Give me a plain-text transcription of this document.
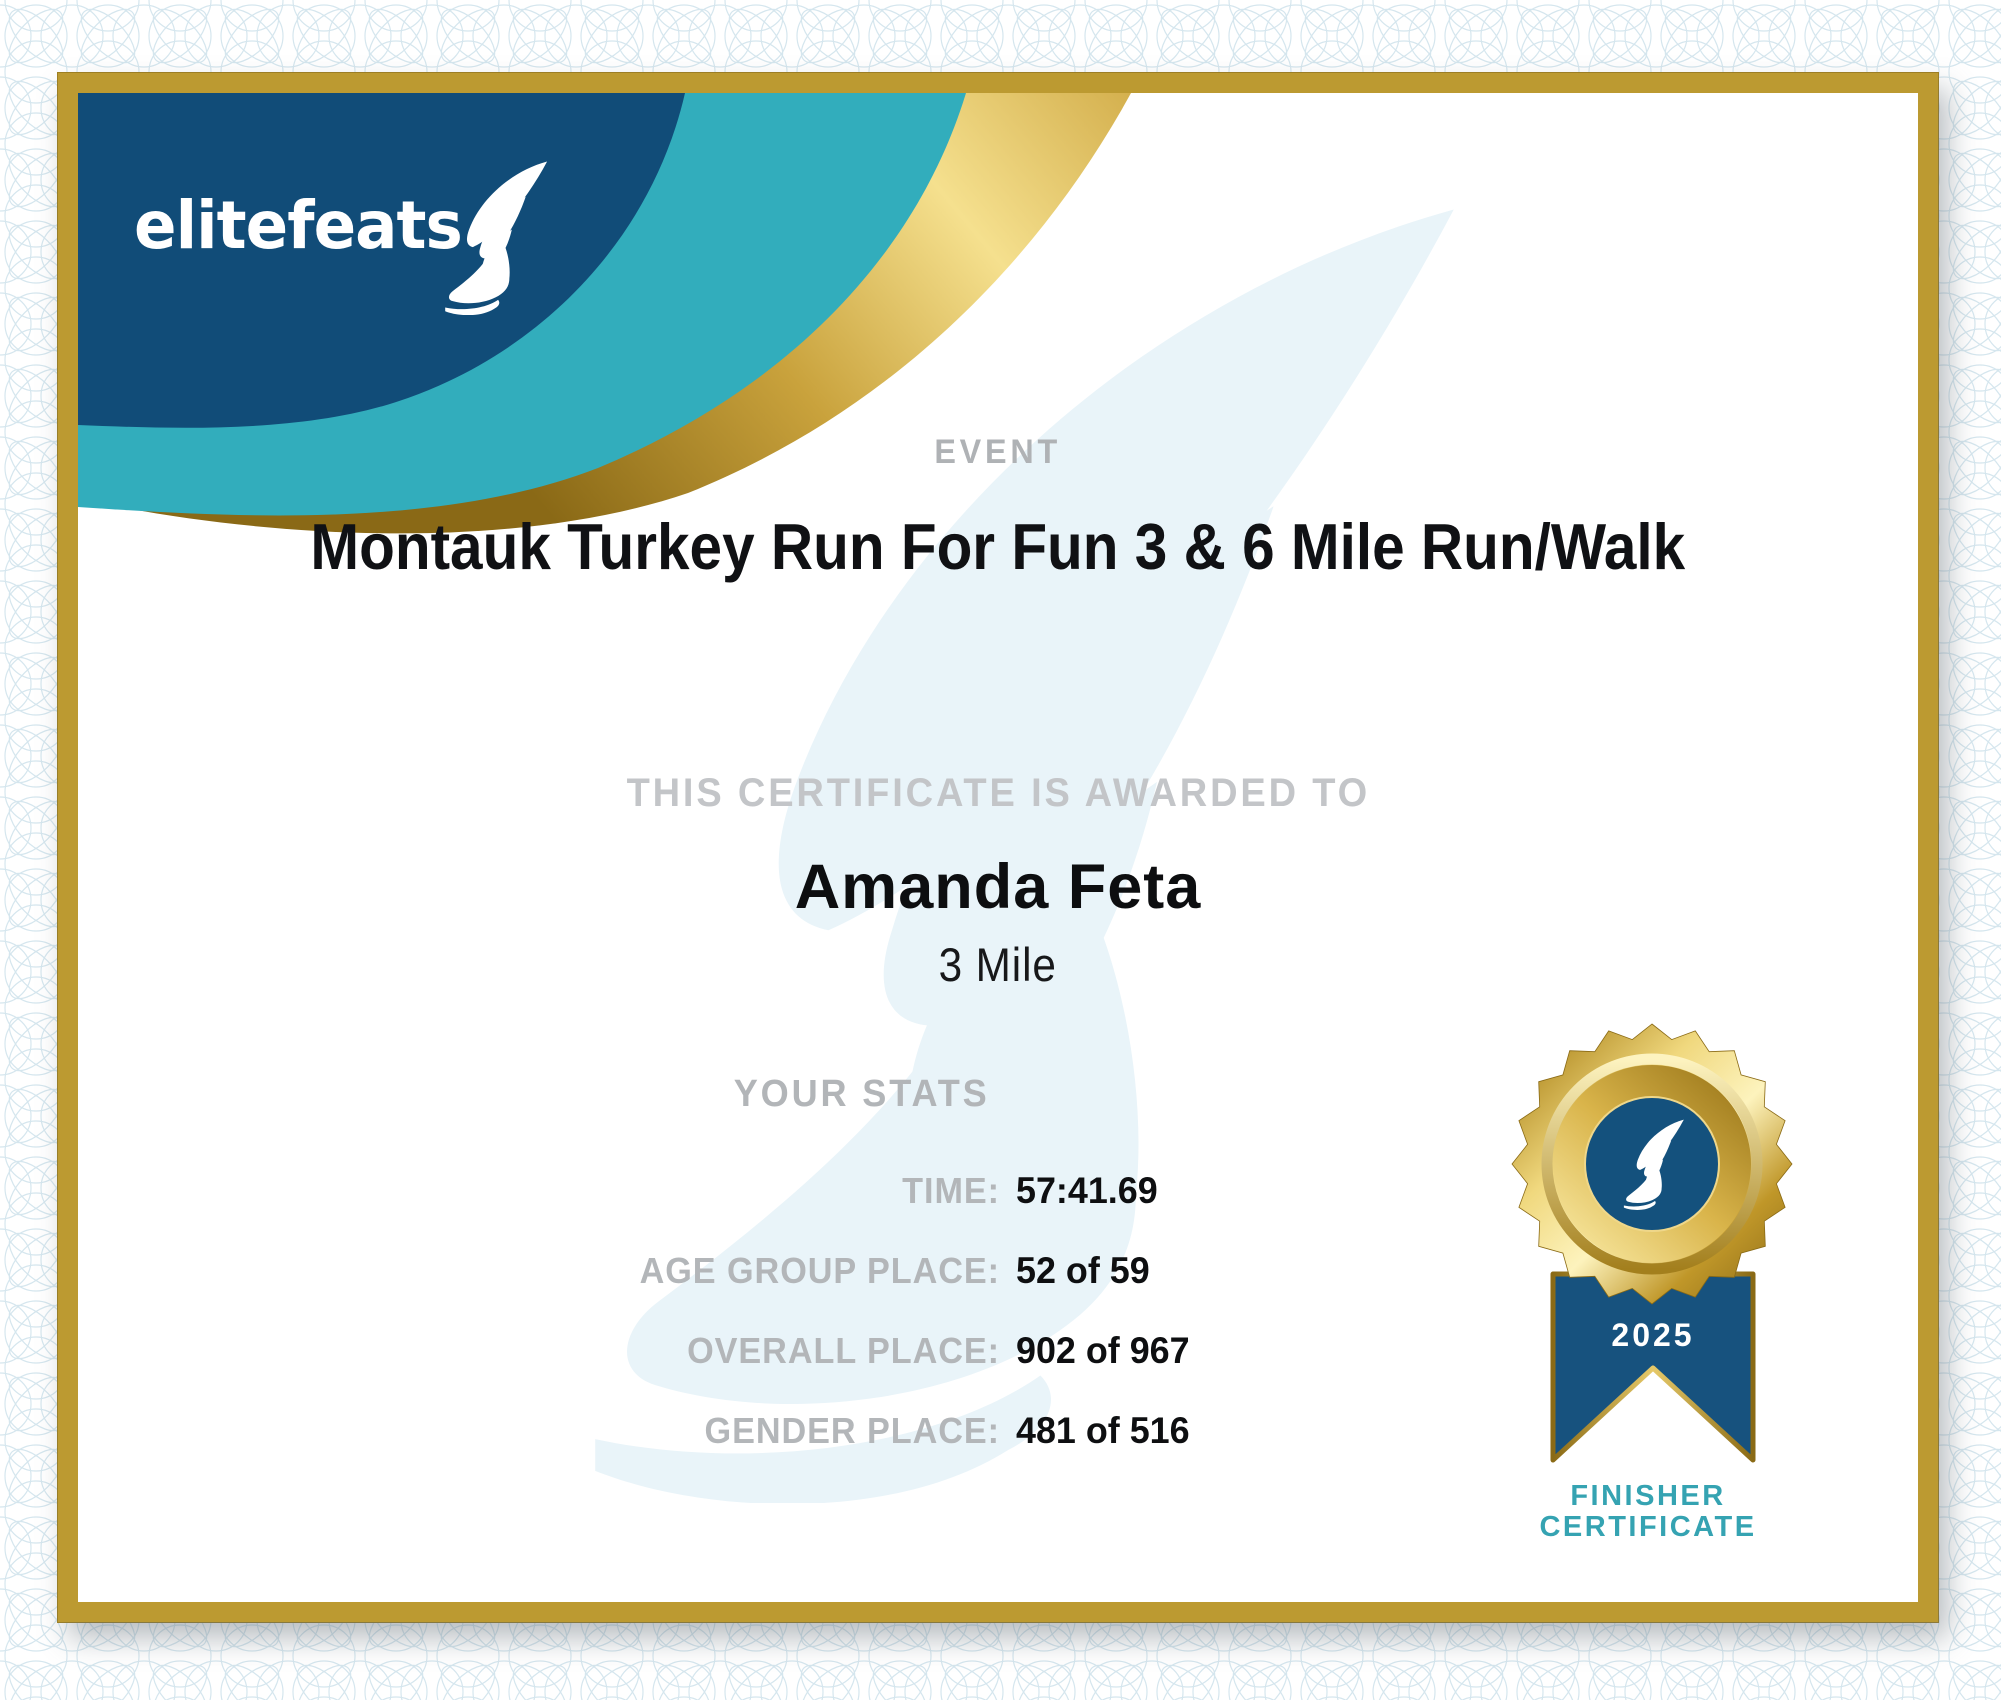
elitefeats
EVENT
Montauk Turkey Run For Fun 3 & 6 Mile Run/Walk
THIS CERTIFICATE IS AWARDED TO
Amanda Feta
3 Mile
YOUR STATS
TIME: 57:41.69
AGE GROUP PLACE: 52 of 59
OVERALL PLACE: 902 of 967
GENDER PLACE: 481 of 516
2025
FINISHER
CERTIFICATE
